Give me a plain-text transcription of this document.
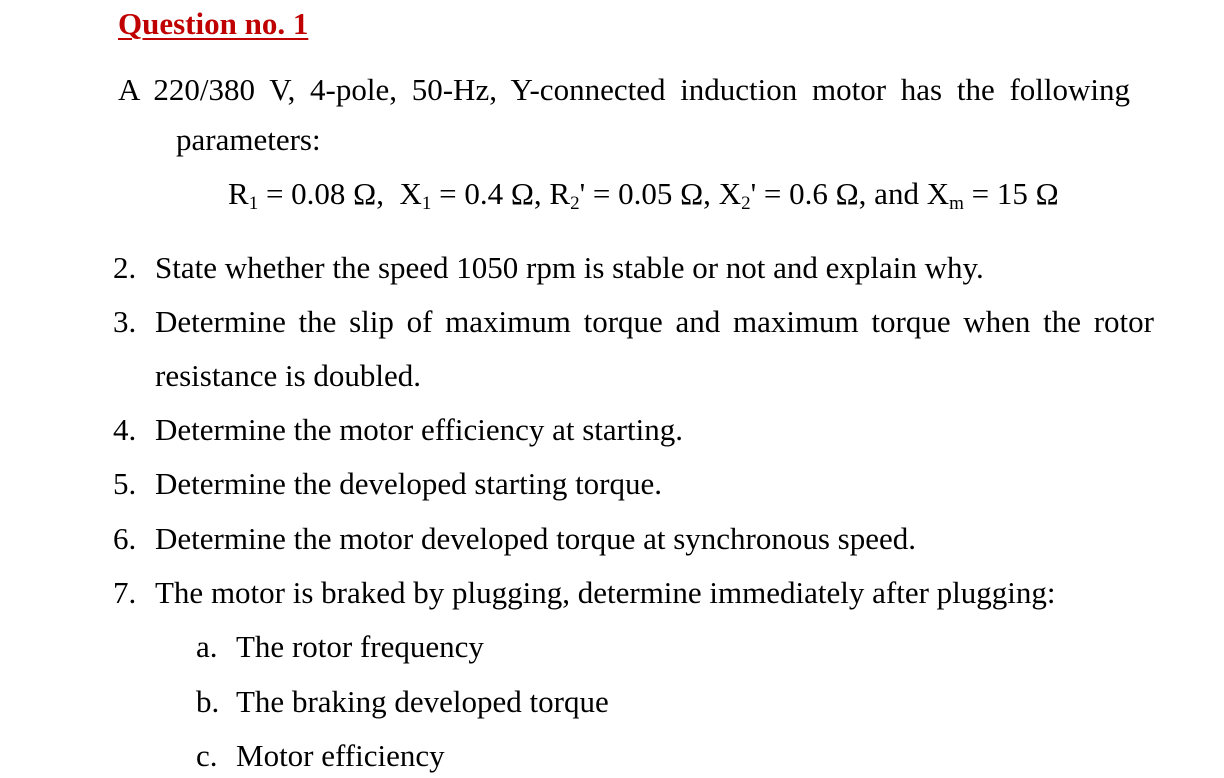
Question no. 1
A 220/380 V, 4-pole, 50-Hz, Y-connected induction motor has the following
parameters:
$R_1 = 0.08$ Ω,  $X_1 = 0.4$ Ω, $R_2' = 0.05$ Ω, $X_2' = 0.6$ Ω, and $X_m = 15$ Ω
2. State whether the speed 1050 rpm is stable or not and explain why.
3. Determine the slip of maximum torque and maximum torque when the rotor
resistance is doubled.
4. Determine the motor efficiency at starting.
5. Determine the developed starting torque.
6. Determine the motor developed torque at synchronous speed.
7. The motor is braked by plugging, determine immediately after plugging:
a. The rotor frequency
b. The braking developed torque
c. Motor efficiency
